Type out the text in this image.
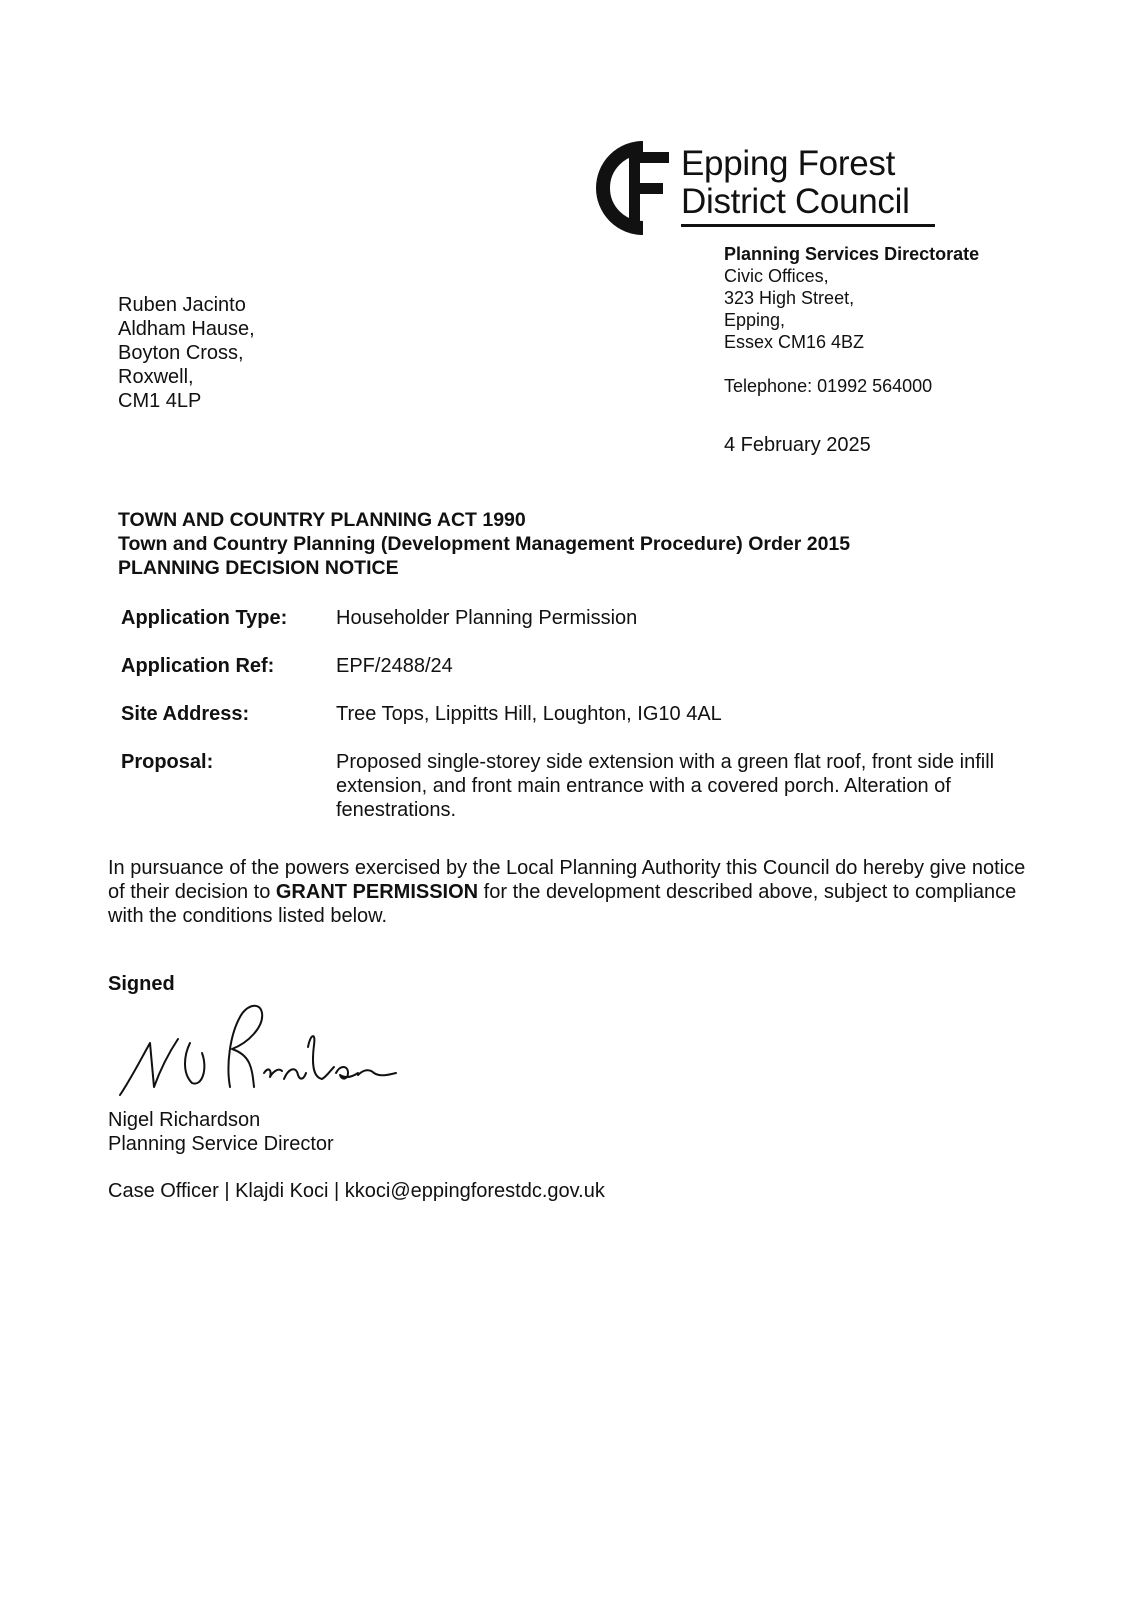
Epping Forest
District Council
Planning Services Directorate
Civic Offices,
323 High Street,
Epping,
Essex CM16 4BZ
Telephone: 01992 564000
Ruben Jacinto
Aldham Hause,
Boyton Cross,
Roxwell,
CM1 4LP
4 February 2025
TOWN AND COUNTRY PLANNING ACT 1990
Town and Country Planning (Development Management Procedure) Order 2015
PLANNING DECISION NOTICE
Application Type: Householder Planning Permission
Application Ref:	EPF/2488/24
Site Address:	Tree Tops, Lippitts Hill, Loughton, IG10 4AL
Proposal:	Proposed single-storey side extension with a green flat roof, front side infill
extension, and front main entrance with a covered porch. Alteration of
fenestrations.
In pursuance of the powers exercised by the Local Planning Authority this Council do hereby give notice of their decision to GRANT PERMISSION for the development described above, subject to compliance with the conditions listed below.
Signed
Nigel Richardson
Planning Service Director
Case Officer | Klajdi Koci | kkoci@eppingforestdc.gov.uk
